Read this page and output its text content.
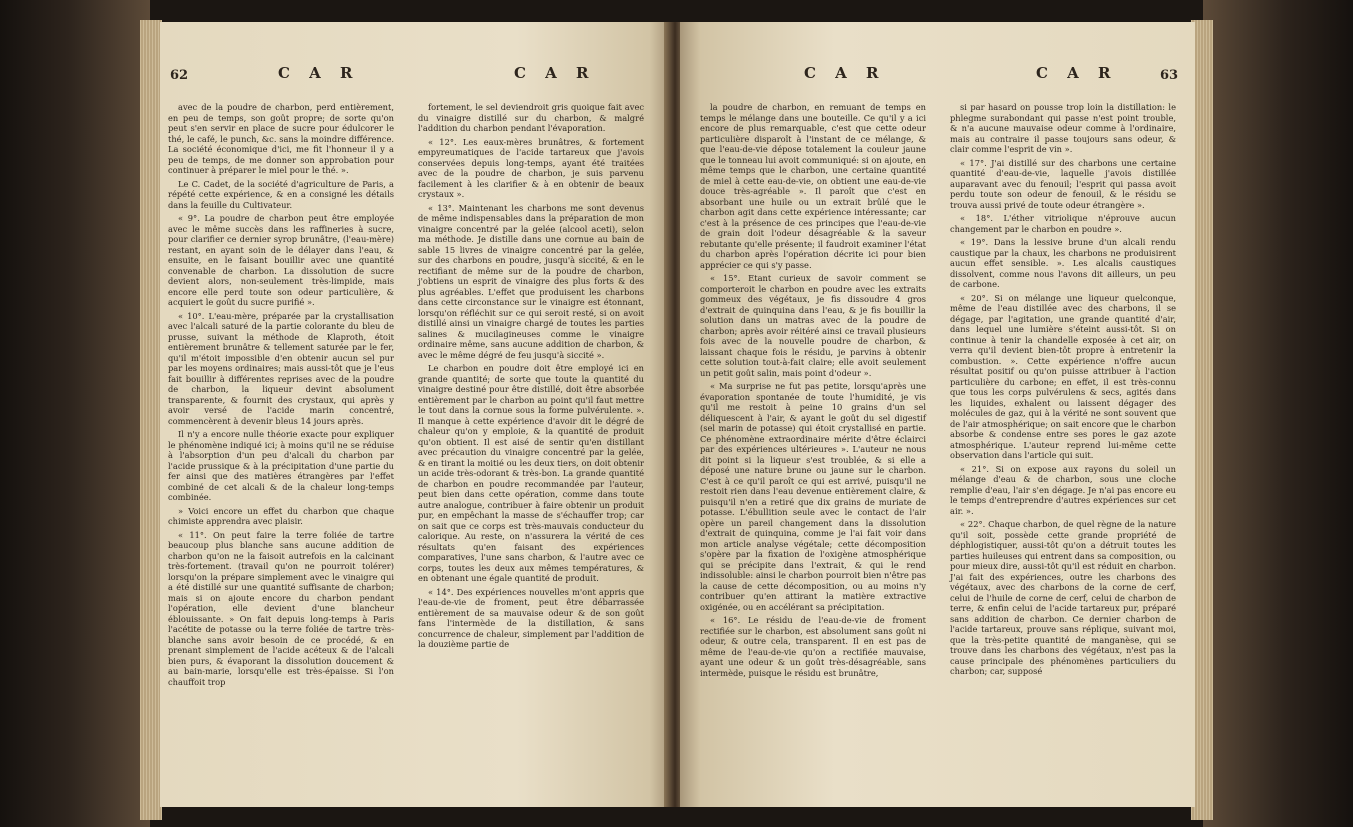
62	C A R	C A R

avec de la poudre de charbon, perd entièrement, en peu de temps, son goût propre; de sorte qu'on peut s'en servir en place de sucre pour édulcorer le thé, le café, le punch, &c. sans la moindre différence. La société économique d'ici, me fit l'honneur il y a peu de temps, de me donner son approbation pour continuer à préparer le miel pour le thé. ».

Le C. Cadet, de la société d'agriculture de Paris, a répété cette expérience, & en a consigné les détails dans la feuille du Cultivateur.

« 9°. La poudre de charbon peut être employée avec le même succès dans les raffineries à sucre, pour clarifier ce dernier syrop brunâtre, (l'eau-mère) restant, en ayant soin de le délayer dans l'eau, & ensuite, en le faisant bouillir avec une quantité convenable de charbon. La dissolution de sucre devient alors, non-seulement très-limpide, mais encore elle perd toute son odeur particulière, & acquiert le goût du sucre purifié ».

« 10°. L'eau-mère, préparée par la crystallisation avec l'alcali saturé de la partie colorante du bleu de prusse, suivant la méthode de Klaproth, étoit entièrement brunâtre & tellement saturée par le fer, qu'il m'étoit impossible d'en obtenir aucun sel pur par les moyens ordinaires; mais aussi-tôt que je l'eus fait bouillir à différentes reprises avec de la poudre de charbon, la liqueur devint absolument transparente, & fournit des crystaux, qui après y avoir versé de l'acide marin concentré, commencèrent à devenir bleus 14 jours après.

Il n'y a encore nulle théorie exacte pour expliquer le phénomène indiqué ici; à moins qu'il ne se réduise à l'absorption d'un peu d'alcali du charbon par l'acide prussique & à la précipitation d'une partie du fer ainsi que des matières étrangères par l'effet combiné de cet alcali & de la chaleur long-temps combinée.

» Voici encore un effet du charbon que chaque chimiste apprendra avec plaisir.

« 11°. On peut faire la terre foliée de tartre beaucoup plus blanche sans aucune addition de charbon qu'on ne la faisoit autrefois en la calcinant très-fortement. (travail qu'on ne pourroit tolérer) lorsqu'on la prépare simplement avec le vinaigre qui a été distillé sur une quantité suffisante de charbon; mais si on ajoute encore du charbon pendant l'opération, elle devient d'une blancheur éblouissante. » On fait depuis long-temps à Paris l'acétite de potasse ou la terre foliée de tartre très-blanche sans avoir besoin de ce procédé, & en prenant simplement de l'acide acéteux & de l'alcali bien purs, & évaporant la dissolution doucement & au bain-marie, lorsqu'elle est très-épaisse. Si l'on chauffoit trop

fortement, le sel deviendroit gris quoique fait avec du vinaigre distillé sur du charbon, & malgré l'addition du charbon pendant l'évaporation.

« 12°. Les eaux-mères brunâtres, & fortement empyreumatiques de l'acide tartareux que j'avois conservées depuis long-temps, ayant été traitées avec de la poudre de charbon, je suis parvenu facilement à les clarifier & à en obtenir de beaux crystaux ».

« 13°. Maintenant les charbons me sont devenus de même indispensables dans la préparation de mon vinaigre concentré par la gelée (alcool aceti), selon ma méthode. Je distille dans une cornue au bain de sable 15 livres de vinaigre concentré par la gelée, sur des charbons en poudre, jusqu'à siccité, & en le rectifiant de même sur de la poudre de charbon, j'obtiens un esprit de vinaigre des plus forts & des plus agréables. L'effet que produisent les charbons dans cette circonstance sur le vinaigre est étonnant, lorsqu'on réfléchit sur ce qui seroit resté, si on avoit distillé ainsi un vinaigre chargé de toutes les parties salines & mucilagineuses comme le vinaigre ordinaire même, sans aucune addition de charbon, & avec le même dégré de feu jusqu'à siccité ».

Le charbon en poudre doit être employé ici en grande quantité; de sorte que toute la quantité du vinaigre destiné pour être distillé, doit être absorbée entièrement par le charbon au point qu'il faut mettre le tout dans la cornue sous la forme pulvérulente. ». Il manque à cette expérience d'avoir dit le dégré de chaleur qu'on y emploie, & la quantité de produit qu'on obtient. Il est aisé de sentir qu'en distillant avec précaution du vinaigre concentré par la gelée, & en tirant la moitié ou les deux tiers, on doit obtenir un acide très-odorant & très-bon. La grande quantité de charbon en poudre recommandée par l'auteur, peut bien dans cette opération, comme dans toute autre analogue, contribuer à faire obtenir un produit pur, en empêchant la masse de s'échauffer trop; car on sait que ce corps est très-mauvais conducteur du calorique. Au reste, on n'assurera la vérité de ces résultats qu'en faisant des expériences comparatives, l'une sans charbon, & l'autre avec ce corps, toutes les deux aux mêmes températures, & en obtenant une égale quantité de produit.

« 14°. Des expériences nouvelles m'ont appris que l'eau-de-vie de froment, peut être débarrassée entièrement de sa mauvaise odeur & de son goût fans l'intermède de la distillation, & sans concurrence de chaleur, simplement par l'addition de la douzième partie de

C A R	C A R	63

la poudre de charbon, en remuant de temps en temps le mélange dans une bouteille. Ce qu'il y a ici encore de plus remarquable, c'est que cette odeur particulière disparoît à l'instant de ce mélange, & que l'eau-de-vie dépose totalement la couleur jaune que le tonneau lui avoit communiqué: si on ajoute, en même temps que le charbon, une certaine quantité de miel à cette eau-de-vie, on obtient une eau-de-vie douce très-agréable ». Il paroît que c'est en absorbant une huile ou un extrait brûlé que le charbon agit dans cette expérience intéressante; car c'est à la présence de ces principes que l'eau-de-vie de grain doit l'odeur désagréable & la saveur rebutante qu'elle présente; il faudroit examiner l'état du charbon après l'opération décrite ici pour bien apprécier ce qui s'y passe.

« 15°. Etant curieux de savoir comment se comporteroit le charbon en poudre avec les extraits gommeux des végétaux, je fis dissoudre 4 gros d'extrait de quinquina dans l'eau, & je fis bouillir la solution dans un matras avec de la poudre de charbon; après avoir réitéré ainsi ce travail plusieurs fois avec de la nouvelle poudre de charbon, & laissant chaque fois le résidu, je parvins à obtenir cette solution tout-à-fait claire; elle avoit seulement un petit goût salin, mais point d'odeur ».

« Ma surprise ne fut pas petite, lorsqu'après une évaporation spontanée de toute l'humidité, je vis qu'il me restoit à peine 10 grains d'un sel déliquescent à l'air, & ayant le goût du sel digestif (sel marin de potasse) qui étoit crystallisé en partie. Ce phénomène extraordinaire mérite d'être éclairci par des expériences ultérieures ». L'auteur ne nous dit point si la liqueur s'est troublée, & si elle a déposé une nature brune ou jaune sur le charbon. C'est à ce qu'il paroît ce qui est arrivé, puisqu'il ne restoit rien dans l'eau devenue entièrement claire, & puisqu'il n'en a retiré que dix grains de muriate de potasse. L'ébullition seule avec le contact de l'air opère un pareil changement dans la dissolution d'extrait de quinquina, comme je l'ai fait voir dans mon article analyse végétale; cette décomposition s'opère par la fixation de l'oxigène atmosphérique qui se précipite dans l'extrait, & qui le rend indissoluble: ainsi le charbon pourroit bien n'être pas la cause de cette décomposition, ou au moins n'y contribuer qu'en attirant la matière extractive oxigénée, ou en accélérant sa précipitation.

« 16°. Le résidu de l'eau-de-vie de froment rectifiée sur le charbon, est absolument sans goût ni odeur, & outre cela, transparent. Il en est pas de même de l'eau-de-vie qu'on a rectifiée mauvaise, ayant une odeur & un goût très-désagréable, sans intermède, puisque le résidu est brunâtre,

si par hasard on pousse trop loin la distillation: le phlegme surabondant qui passe n'est point trouble, & n'a aucune mauvaise odeur comme à l'ordinaire, mais au contraire il passe toujours sans odeur, & clair comme l'esprit de vin ».

« 17°. J'ai distillé sur des charbons une certaine quantité d'eau-de-vie, laquelle j'avois distillée auparavant avec du fenouil; l'esprit qui passa avoit perdu toute son odeur de fenouil, & le résidu se trouva aussi privé de toute odeur étrangère ».

« 18°. L'éther vitriolique n'éprouve aucun changement par le charbon en poudre ».

« 19°. Dans la lessive brune d'un alcali rendu caustique par la chaux, les charbons ne produisirent aucun effet sensible. ». Les alcalis caustiques dissolvent, comme nous l'avons dit ailleurs, un peu de carbone.

« 20°. Si on mélange une liqueur quelconque, même de l'eau distillée avec des charbons, il se dégage, par l'agitation, une grande quantité d'air, dans lequel une lumière s'éteint aussi-tôt. Si on continue à tenir la chandelle exposée à cet air, on verra qu'il devient bien-tôt propre à entretenir la combustion. ». Cette expérience n'offre aucun résultat positif ou qu'on puisse attribuer à l'action particulière du carbone; en effet, il est très-connu que tous les corps pulvérulens & secs, agités dans les liquides, exhalent ou laissent dégager des molécules de gaz, qui à la vérité ne sont souvent que de l'air atmosphérique; on sait encore que le charbon absorbe & condense entre ses pores le gaz azote atmosphérique. L'auteur reprend lui-même cette observation dans l'article qui suit.

« 21°. Si on expose aux rayons du soleil un mélange d'eau & de charbon, sous une cloche remplie d'eau, l'air s'en dégage. Je n'ai pas encore eu le temps d'entreprendre d'autres expériences sur cet air. ».

« 22°. Chaque charbon, de quel règne de la nature qu'il soit, possède cette grande propriété de déphlogistiquer, aussi-tôt qu'on a détruit toutes les parties huileuses qui entrent dans sa composition, ou pour mieux dire, aussi-tôt qu'il est réduit en charbon. J'ai fait des expériences, outre les charbons des végétaux, avec des charbons de la corne de cerf, celui de l'huile de corne de cerf, celui de charbon de terre, & enfin celui de l'acide tartareux pur, préparé sans addition de charbon. Ce dernier charbon de l'acide tartareux, prouve sans réplique, suivant moi, que la très-petite quantité de manganèse, qui se trouve dans les charbons des végétaux, n'est pas la cause principale des phénomènes particuliers du charbon; car, supposé
